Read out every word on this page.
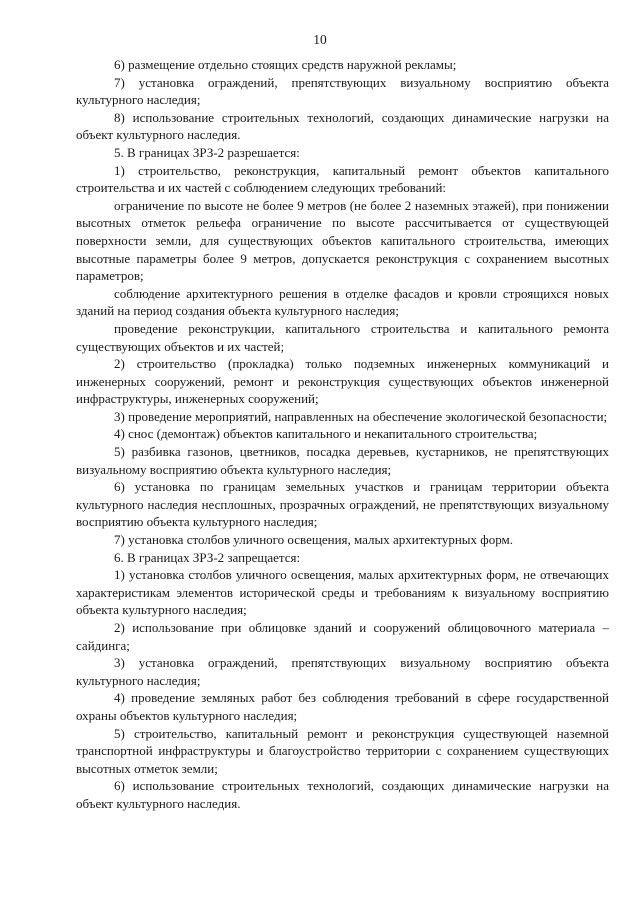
10

6) размещение отдельно стоящих средств наружной рекламы;

7) установка ограждений, препятствующих визуальному восприятию объекта культурного наследия;

8) использование строительных технологий, создающих динамические нагрузки на объект культурного наследия.

5. В границах ЗРЗ-2 разрешается:

1) строительство, реконструкция, капитальный ремонт объектов капитального строительства и их частей с соблюдением следующих требований:

ограничение по высоте не более 9 метров (не более 2 наземных этажей), при понижении высотных отметок рельефа ограничение по высоте рассчитывается от существующей поверхности земли, для существующих объектов капитального строительства, имеющих высотные параметры более 9 метров, допускается реконструкция с сохранением высотных параметров;

соблюдение архитектурного решения в отделке фасадов и кровли строящихся новых зданий на период создания объекта культурного наследия;

проведение реконструкции, капитального строительства и капитального ремонта существующих объектов и их частей;

2) строительство (прокладка) только подземных инженерных коммуникаций и инженерных сооружений, ремонт и реконструкция существующих объектов инженерной инфраструктуры, инженерных сооружений;

3) проведение мероприятий, направленных на обеспечение экологической безопасности;

4) снос (демонтаж) объектов капитального и некапитального строительства;

5) разбивка газонов, цветников, посадка деревьев, кустарников, не препятствующих визуальному восприятию объекта культурного наследия;

6) установка по границам земельных участков и границам территории объекта культурного наследия несплошных, прозрачных ограждений, не препятствующих визуальному восприятию объекта культурного наследия;

7) установка столбов уличного освещения, малых архитектурных форм.

6. В границах ЗРЗ-2 запрещается:

1) установка столбов уличного освещения, малых архитектурных форм, не отвечающих характеристикам элементов исторической среды и требованиям к визуальному восприятию объекта культурного наследия;

2) использование при облицовке зданий и сооружений облицовочного материала – сайдинга;

3) установка ограждений, препятствующих визуальному восприятию объекта культурного наследия;

4) проведение земляных работ без соблюдения требований в сфере государственной охраны объектов культурного наследия;

5) строительство, капитальный ремонт и реконструкция существующей наземной транспортной инфраструктуры и благоустройство территории с сохранением существующих высотных отметок земли;

6) использование строительных технологий, создающих динамические нагрузки на объект культурного наследия.
